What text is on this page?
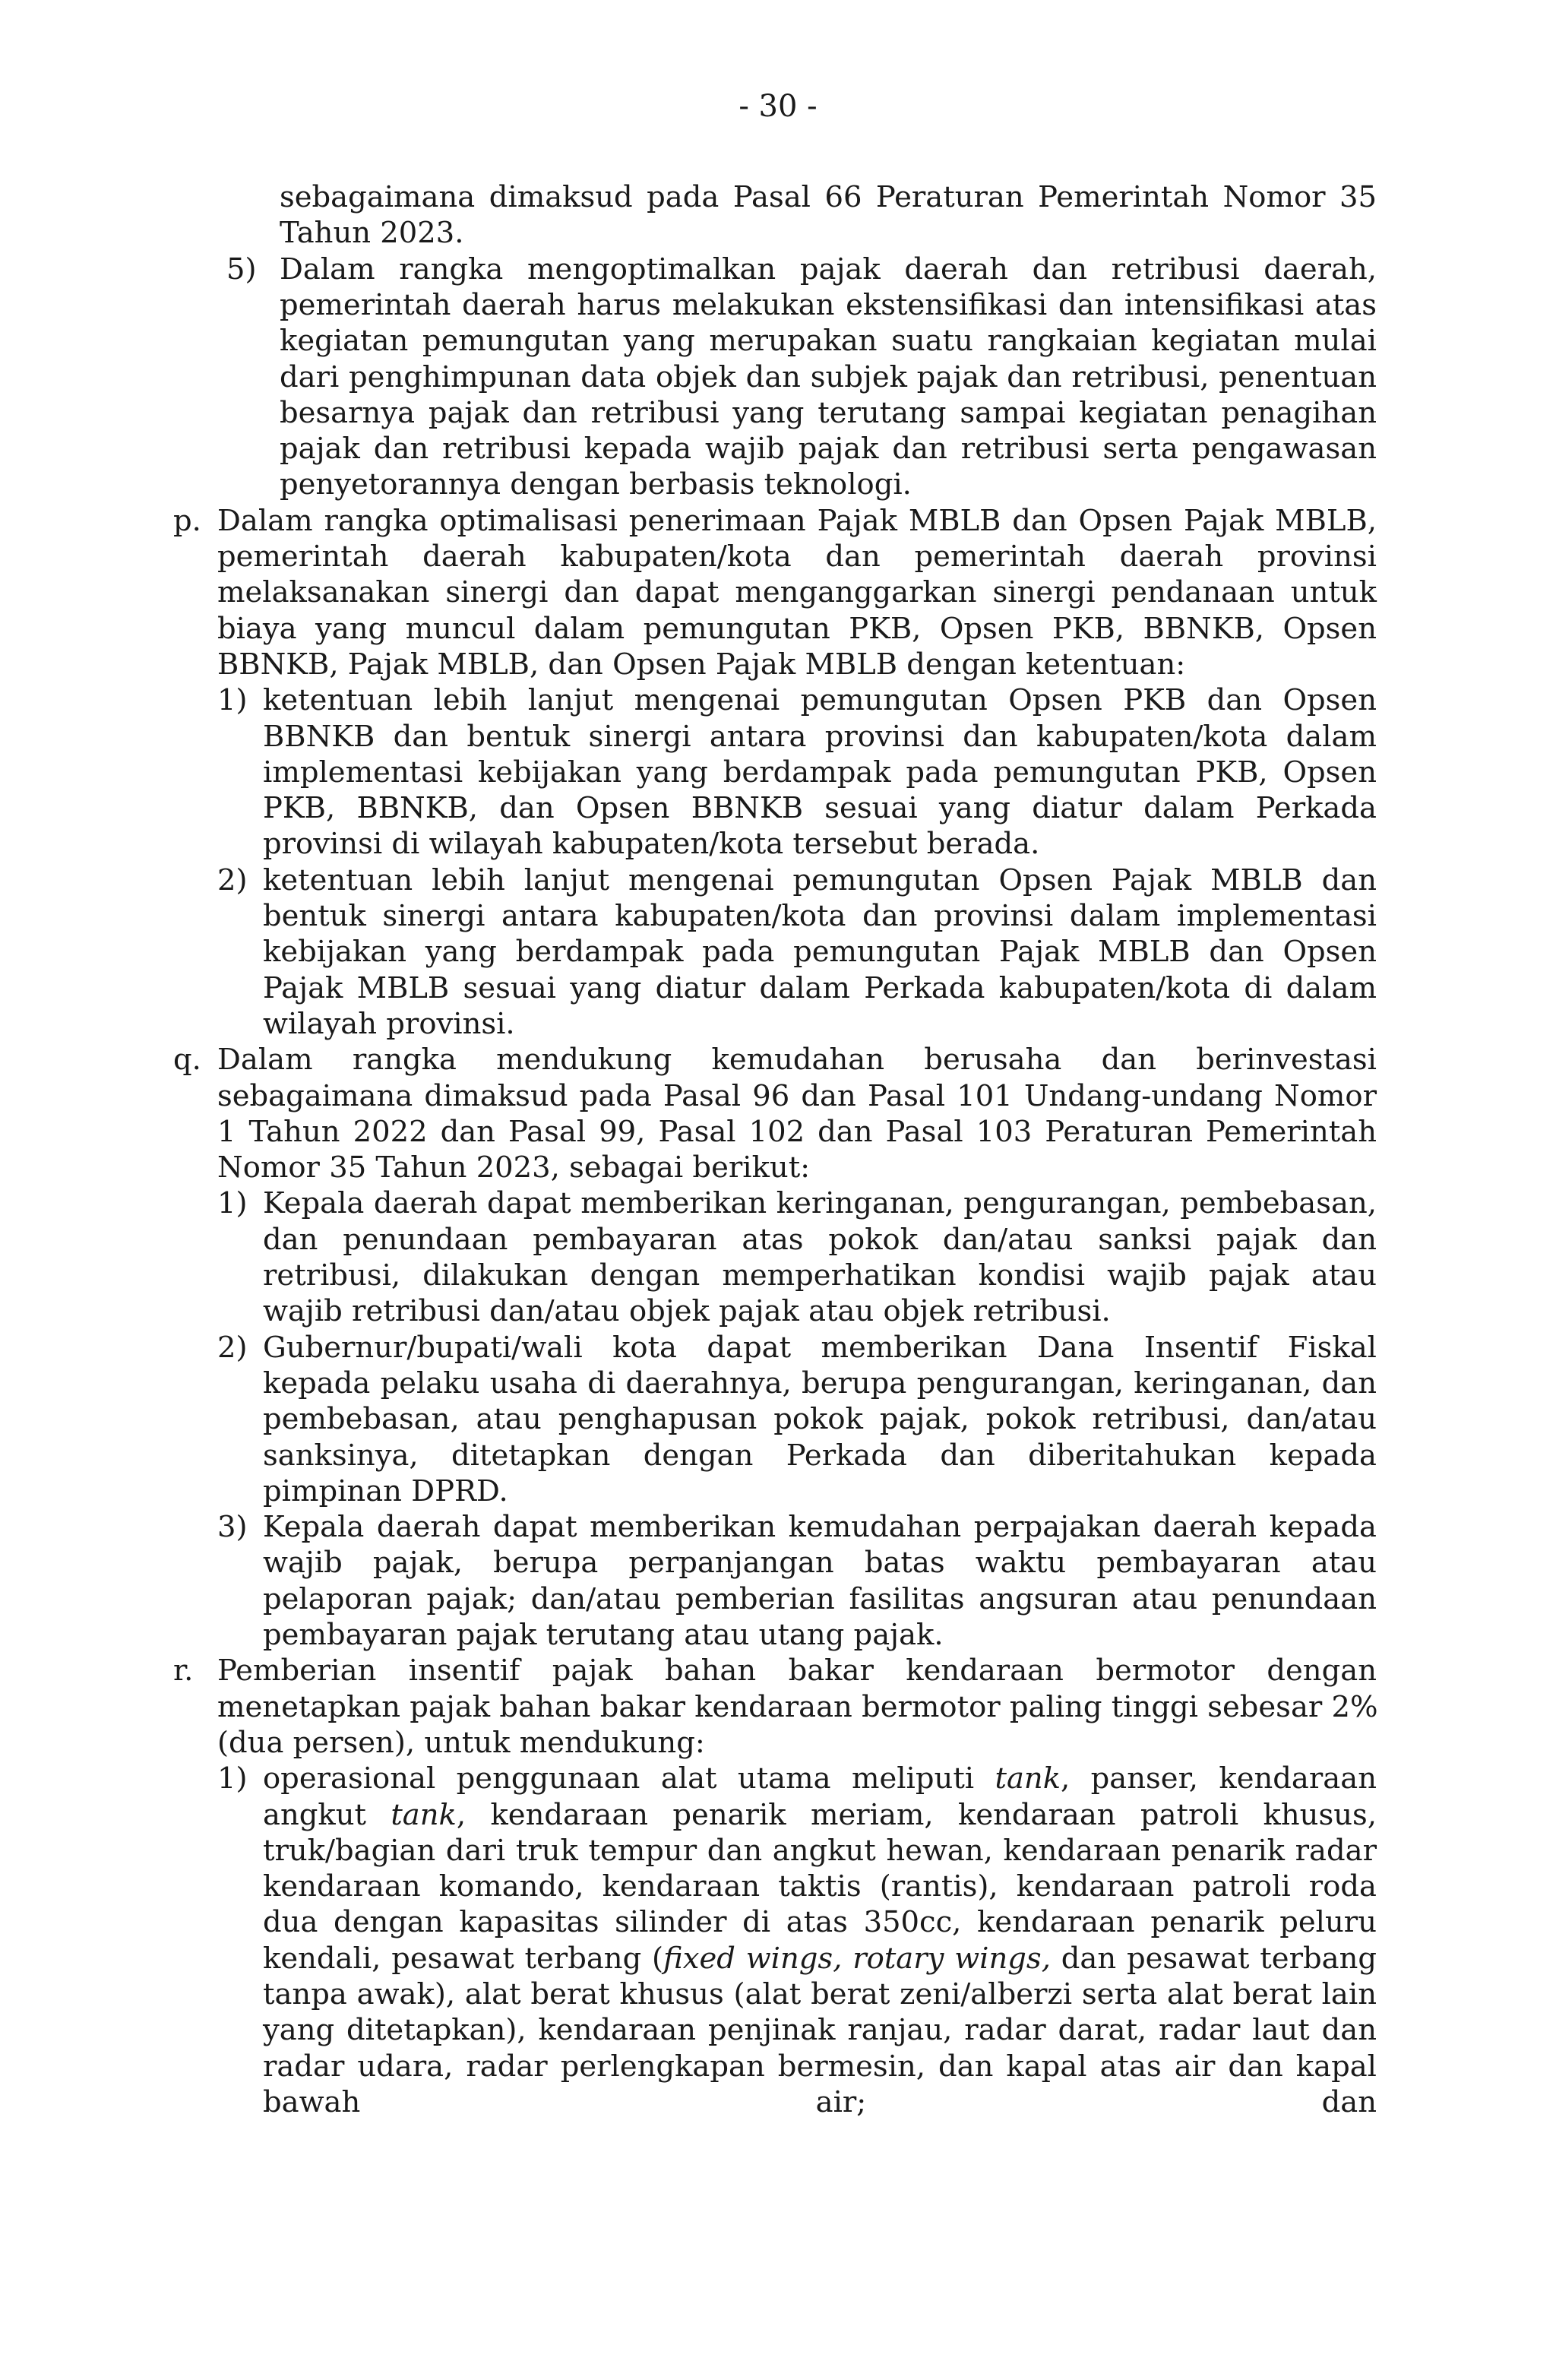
- 30 -
5)
p.
1)
2)
q.
1)
2)
3)
r.
1)
sebagaimana dimaksud pada Pasal 66 Peraturan Pemerintah Nomor 35
Tahun 2023.
Dalam rangka mengoptimalkan pajak daerah dan retribusi daerah,
pemerintah daerah harus melakukan ekstensifikasi dan intensifikasi atas
kegiatan pemungutan yang merupakan suatu rangkaian kegiatan mulai
dari penghimpunan data objek dan subjek pajak dan retribusi, penentuan
besarnya pajak dan retribusi yang terutang sampai kegiatan penagihan
pajak dan retribusi kepada wajib pajak dan retribusi serta pengawasan
penyetorannya dengan berbasis teknologi.
Dalam rangka optimalisasi penerimaan Pajak MBLB dan Opsen Pajak MBLB,
pemerintah daerah kabupaten/kota dan pemerintah daerah provinsi
melaksanakan sinergi dan dapat menganggarkan sinergi pendanaan untuk
biaya yang muncul dalam pemungutan PKB, Opsen PKB, BBNKB, Opsen
BBNKB, Pajak MBLB, dan Opsen Pajak MBLB dengan ketentuan:
ketentuan lebih lanjut mengenai pemungutan Opsen PKB dan Opsen
BBNKB dan bentuk sinergi antara provinsi dan kabupaten/kota dalam
implementasi kebijakan yang berdampak pada pemungutan PKB, Opsen
PKB, BBNKB, dan Opsen BBNKB sesuai yang diatur dalam Perkada
provinsi di wilayah kabupaten/kota tersebut berada.
ketentuan lebih lanjut mengenai pemungutan Opsen Pajak MBLB dan
bentuk sinergi antara kabupaten/kota dan provinsi dalam implementasi
kebijakan yang berdampak pada pemungutan Pajak MBLB dan Opsen
Pajak MBLB sesuai yang diatur dalam Perkada kabupaten/kota di dalam
wilayah provinsi.
Dalam rangka mendukung kemudahan berusaha dan berinvestasi
sebagaimana dimaksud pada Pasal 96 dan Pasal 101 Undang-undang Nomor
1 Tahun 2022 dan Pasal 99, Pasal 102 dan Pasal 103 Peraturan Pemerintah
Nomor 35 Tahun 2023, sebagai berikut:
Kepala daerah dapat memberikan keringanan, pengurangan, pembebasan,
dan penundaan pembayaran atas pokok dan/atau sanksi pajak dan
retribusi, dilakukan dengan memperhatikan kondisi wajib pajak atau
wajib retribusi dan/atau objek pajak atau objek retribusi.
Gubernur/bupati/wali kota dapat memberikan Dana Insentif Fiskal
kepada pelaku usaha di daerahnya, berupa pengurangan, keringanan, dan
pembebasan, atau penghapusan pokok pajak, pokok retribusi, dan/atau
sanksinya, ditetapkan dengan Perkada dan diberitahukan kepada
pimpinan DPRD.
Kepala daerah dapat memberikan kemudahan perpajakan daerah kepada
wajib pajak, berupa perpanjangan batas waktu pembayaran atau
pelaporan pajak; dan/atau pemberian fasilitas angsuran atau penundaan
pembayaran pajak terutang atau utang pajak.
Pemberian insentif pajak bahan bakar kendaraan bermotor dengan
menetapkan pajak bahan bakar kendaraan bermotor paling tinggi sebesar 2%
(dua persen), untuk mendukung:
operasional penggunaan alat utama meliputi tank, panser, kendaraan
angkut tank, kendaraan penarik meriam, kendaraan patroli khusus,
truk/bagian dari truk tempur dan angkut hewan, kendaraan penarik radar
kendaraan komando, kendaraan taktis (rantis), kendaraan patroli roda
dua dengan kapasitas silinder di atas 350cc, kendaraan penarik peluru
kendali, pesawat terbang (fixed wings, rotary wings, dan pesawat terbang
tanpa awak), alat berat khusus (alat berat zeni/alberzi serta alat berat lain
yang ditetapkan), kendaraan penjinak ranjau, radar darat, radar laut dan
radar udara, radar perlengkapan bermesin, dan kapal atas air dan kapal
bawah air; dan
